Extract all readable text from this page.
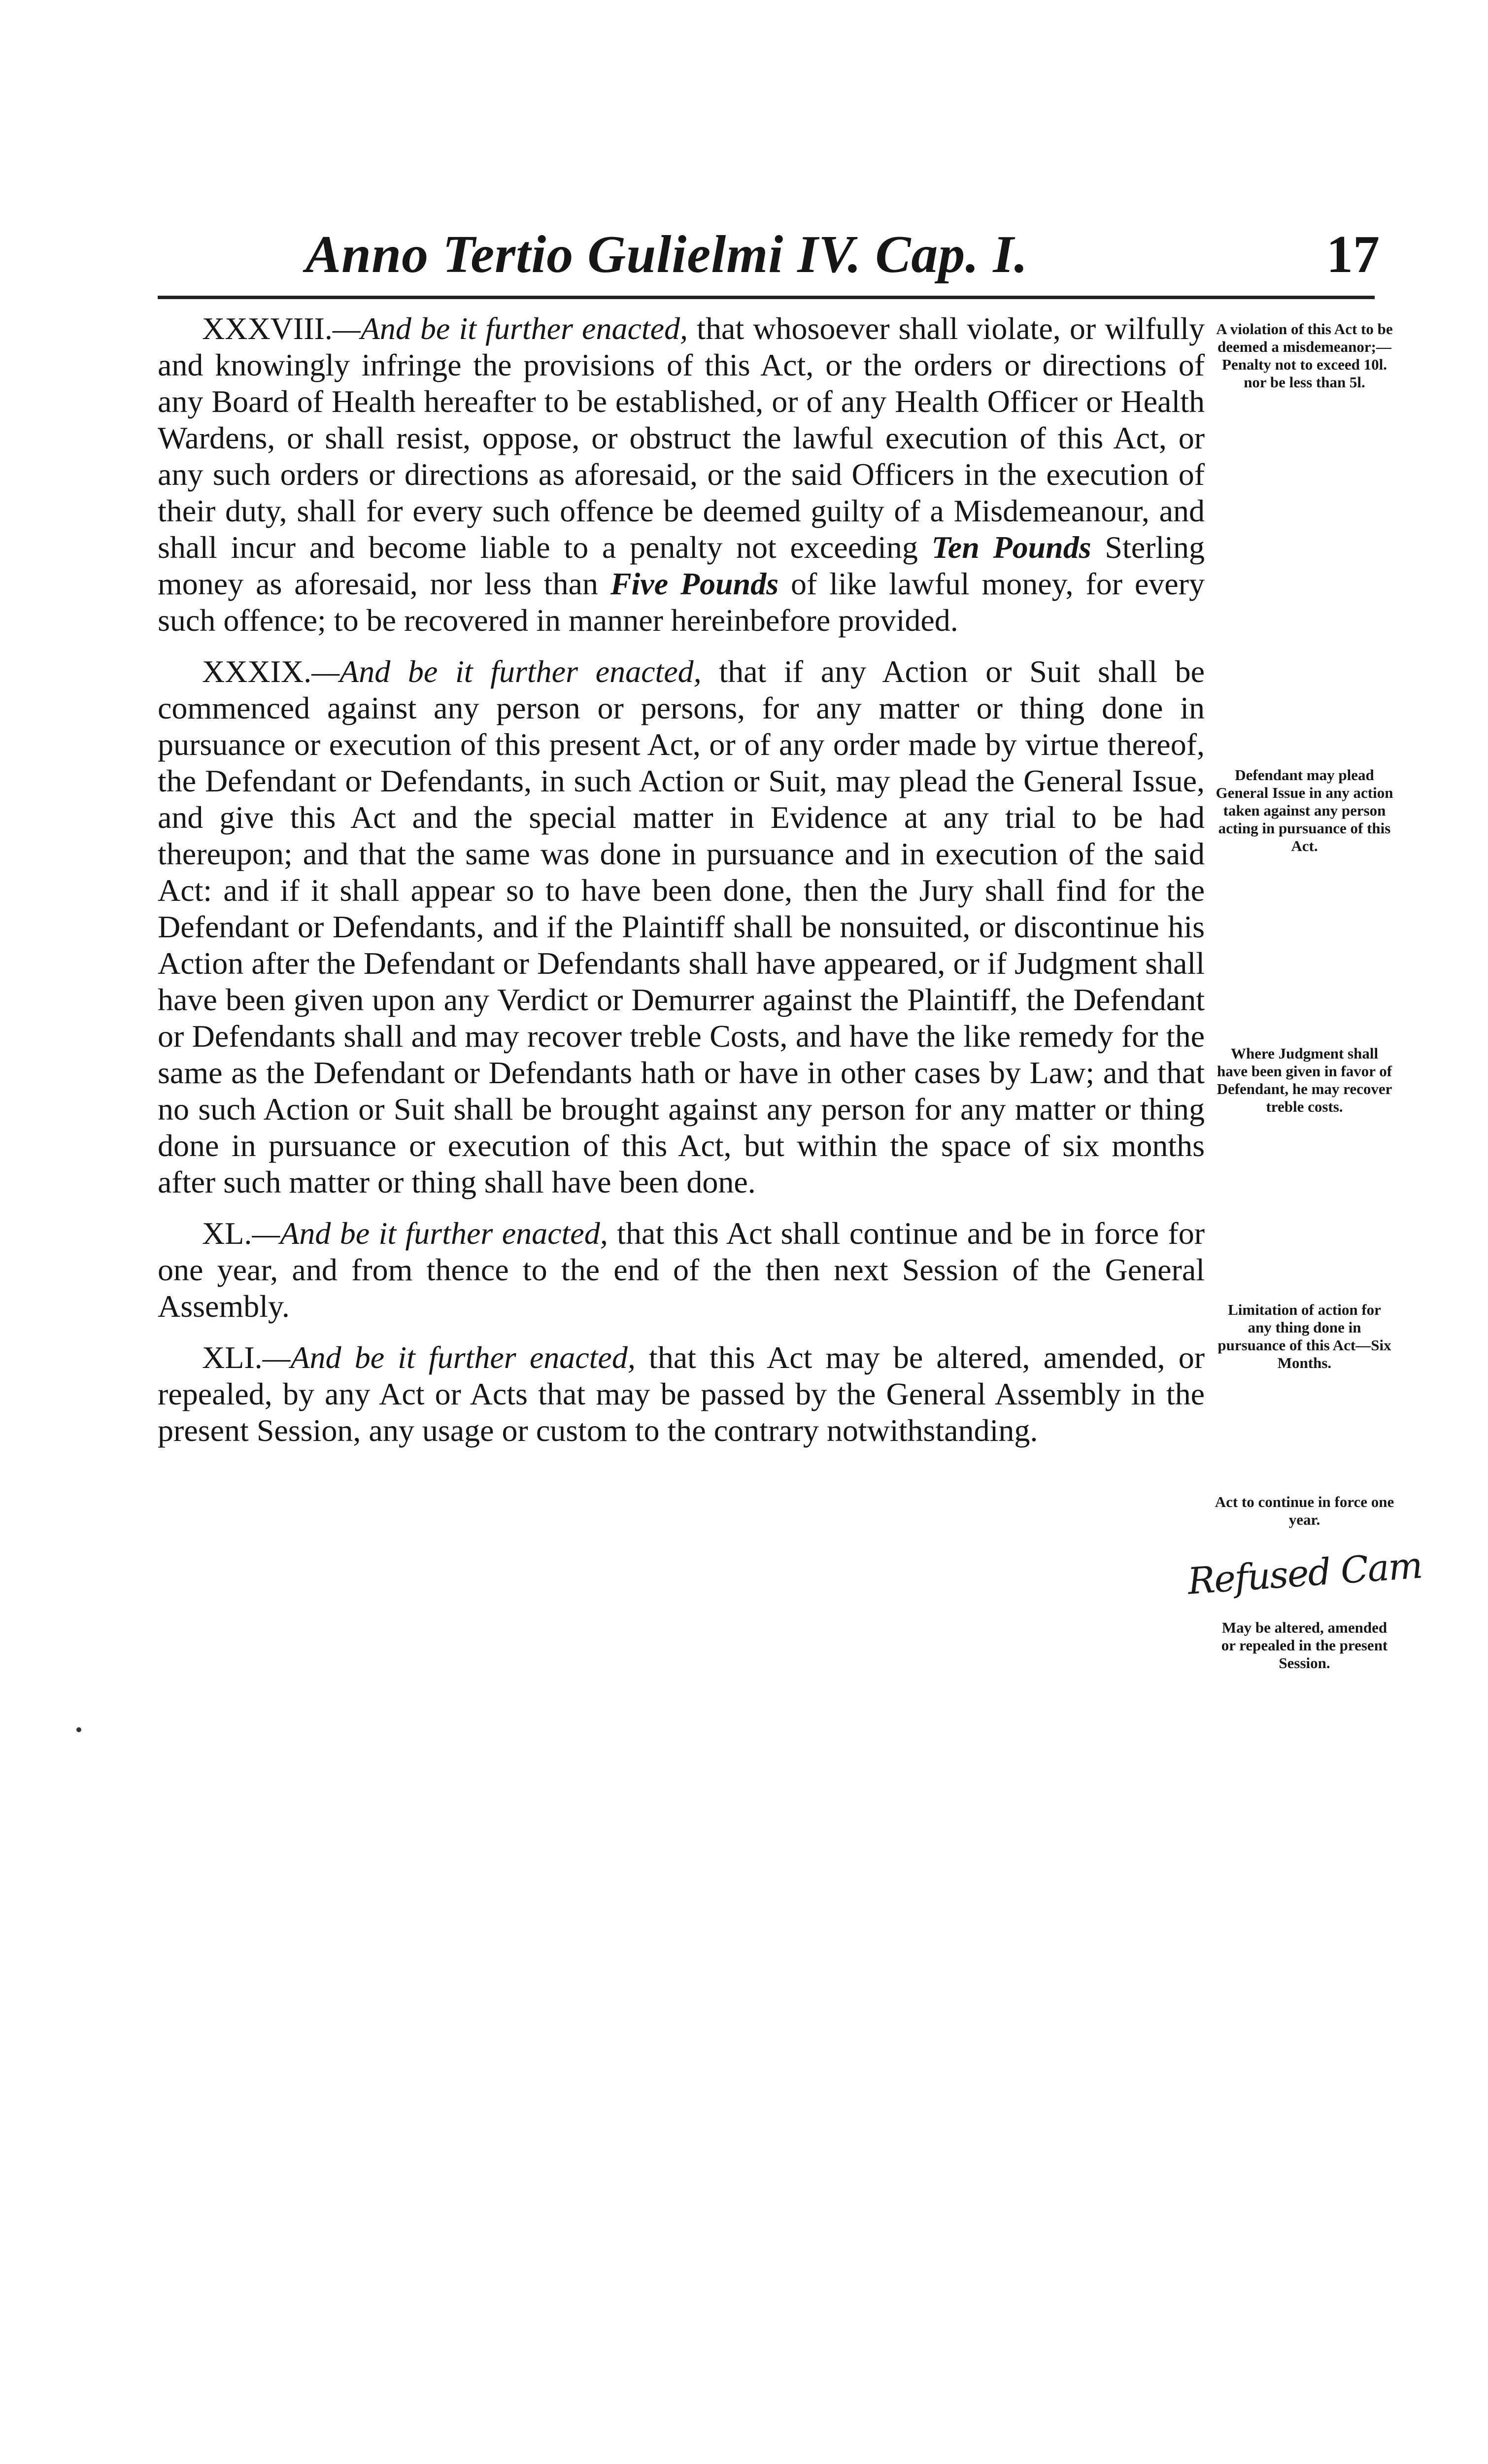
Anno Tertio Gulielmi IV. Cap. I.	17

XXXVIII.—And be it further enacted, that whosoever shall violate, or wilfully and knowingly infringe the provisions of this Act, or the orders or directions of any Board of Health hereafter to be established, or of any Health Officer or Health Wardens, or shall resist, oppose, or obstruct the lawful execution of this Act, or any such orders or directions as aforesaid, or the said Officers in the execution of their duty, shall for every such offence be deemed guilty of a Misdemeanour, and shall incur and become liable to a penalty not exceeding Ten Pounds Sterling money as aforesaid, nor less than Five Pounds of like lawful money, for every such offence; to be recovered in manner hereinbefore provided.

XXXIX.—And be it further enacted, that if any Action or Suit shall be commenced against any person or persons, for any matter or thing done in pursuance or execution of this present Act, or of any order made by virtue thereof, the Defendant or Defendants, in such Action or Suit, may plead the General Issue, and give this Act and the special matter in Evidence at any trial to be had thereupon; and that the same was done in pursuance and in execution of the said Act: and if it shall appear so to have been done, then the Jury shall find for the Defendant or Defendants, and if the Plaintiff shall be nonsuited, or discontinue his Action after the Defendant or Defendants shall have appeared, or if Judgment shall have been given upon any Verdict or Demurrer against the Plaintiff, the Defendant or Defendants shall and may recover treble Costs, and have the like remedy for the same as the Defendant or Defendants hath or have in other cases by Law; and that no such Action or Suit shall be brought against any person for any matter or thing done in pursuance or execution of this Act, but within the space of six months after such matter or thing shall have been done.

XL.—And be it further enacted, that this Act shall continue and be in force for one year, and from thence to the end of the then next Session of the General Assembly.

XLI.—And be it further enacted, that this Act may be altered, amended, or repealed, by any Act or Acts that may be passed by the General Assembly in the present Session, any usage or custom to the contrary notwithstanding.

A violation of this Act to be deemed a misdemeanor;—Penalty not to exceed 10l. nor be less than 5l.
Defendant may plead General Issue in any action taken against any person acting in pursuance of this Act.
Where Judgment shall have been given in favor of Defendant, he may recover treble costs.
Limitation of action for any thing done in pursuance of this Act—Six Months.
Act to continue in force one year.
May be altered, amended or repealed in the present Session.
Refused Cam
